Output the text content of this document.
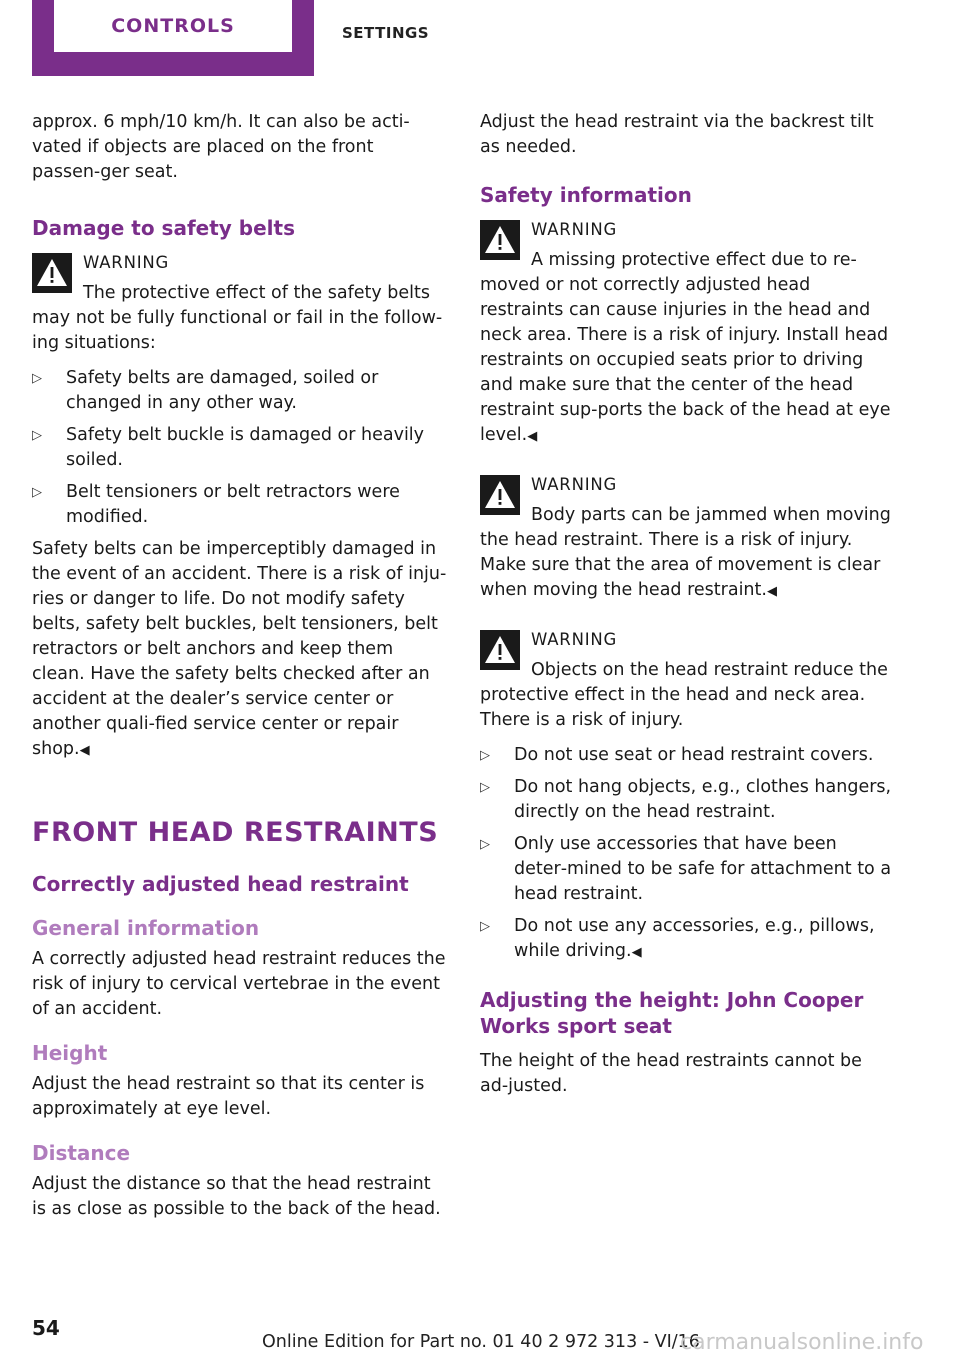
CONTROLS	SETTINGS

approx. 6 mph/10 km/h. It can also be acti‐vated if objects are placed on the front passen‐ger seat.

Damage to safety belts
WARNING

The protective effect of the safety belts may not be fully functional or fail in the follow‐ing situations:

▷ Safety belts are damaged, soiled or changed in any other way.
▷ Safety belt buckle is damaged or heavily soiled.
▷ Belt tensioners or belt retractors were modified.

Safety belts can be imperceptibly damaged in the event of an accident. There is a risk of inju‐ries or danger to life. Do not modify safety belts, safety belt buckles, belt tensioners, belt retractors or belt anchors and keep them clean. Have the safety belts checked after an accident at the dealer’s service center or another quali‐fied service center or repair shop.◀

FRONT HEAD RESTRAINTS
Correctly adjusted head restraint
General information

A correctly adjusted head restraint reduces the risk of injury to cervical vertebrae in the event of an accident.

Height

Adjust the head restraint so that its center is approximately at eye level.

Distance

Adjust the distance so that the head restraint is as close as possible to the back of the head.

Adjust the head restraint via the backrest tilt as needed.

Safety information
WARNING

A missing protective effect due to re‐moved or not correctly adjusted head restraints can cause injuries in the head and neck area. There is a risk of injury. Install head restraints on occupied seats prior to driving and make sure that the center of the head restraint sup‐ports the back of the head at eye level.◀

WARNING

Body parts can be jammed when moving the head restraint. There is a risk of injury. Make sure that the area of movement is clear when moving the head restraint.◀

WARNING

Objects on the head restraint reduce the protective effect in the head and neck area. There is a risk of injury.

▷ Do not use seat or head restraint covers.
▷ Do not hang objects, e.g., clothes hangers, directly on the head restraint.
▷ Only use accessories that have been deter‐mined to be safe for attachment to a head restraint.
▷ Do not use any accessories, e.g., pillows, while driving.◀
Adjusting the height: John Cooper Works sport seat

The height of the head restraints cannot be ad‐justed.

54
Online Edition for Part no. 01 40 2 972 313 - VI/16
carmanualsonline.info
